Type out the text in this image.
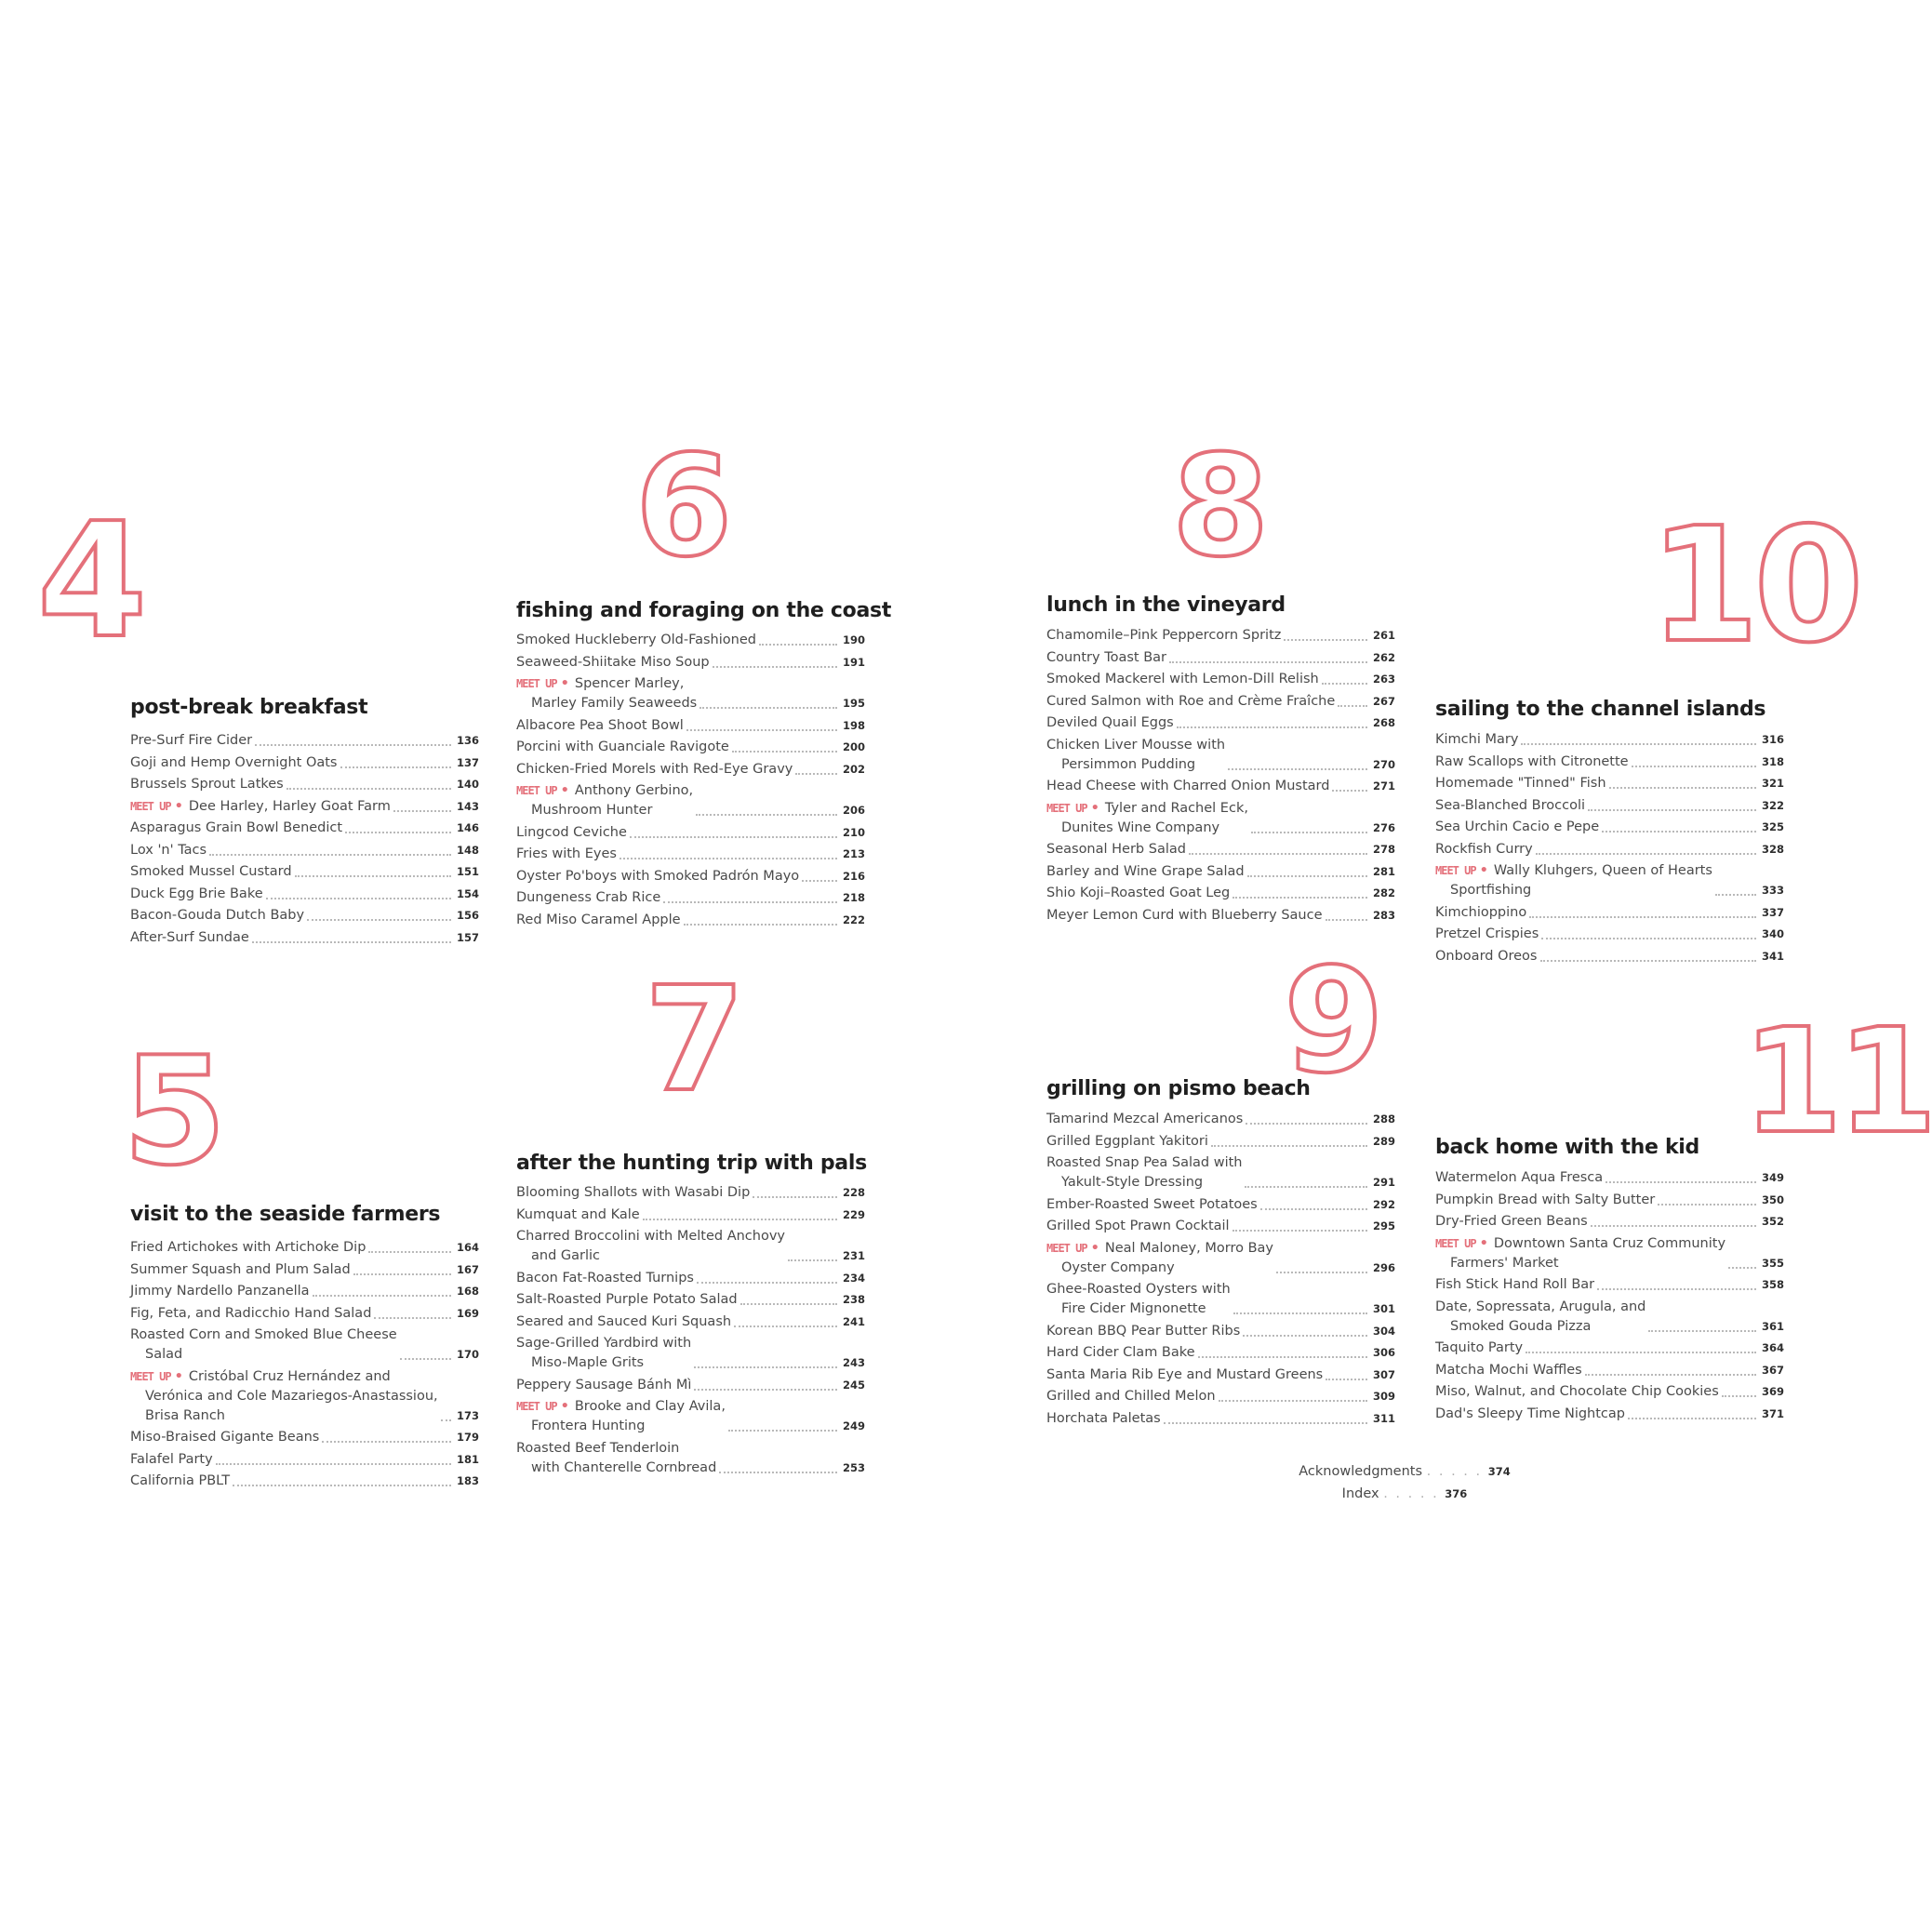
4
post-break breakfast
Pre-Surf Fire Cider	136
Goji and Hemp Overnight Oats	137
Brussels Sprout Latkes	140
MEET UP • Dee Harley, Harley Goat Farm	143
Asparagus Grain Bowl Benedict	146
Lox 'n' Tacs	148
Smoked Mussel Custard	151
Duck Egg Brie Bake	154
Bacon-Gouda Dutch Baby	156
After-Surf Sundae	157
5
visit to the seaside farmers
Fried Artichokes with Artichoke Dip	164
Summer Squash and Plum Salad	167
Jimmy Nardello Panzanella	168
Fig, Feta, and Radicchio Hand Salad	169
Roasted Corn and Smoked Blue Cheese
Salad	170
MEET UP • Cristóbal Cruz Hernández and
Verónica and Cole Mazariegos-Anastassiou,
Brisa Ranch	173
Miso-Braised Gigante Beans	179
Falafel Party	181
California PBLT	183
6
fishing and foraging on the coast
Smoked Huckleberry Old-Fashioned	190
Seaweed-Shiitake Miso Soup	191
MEET UP • Spencer Marley,
Marley Family Seaweeds	195
Albacore Pea Shoot Bowl	198
Porcini with Guanciale Ravigote	200
Chicken-Fried Morels with Red-Eye Gravy	202
MEET UP • Anthony Gerbino,
Mushroom Hunter	206
Lingcod Ceviche	210
Fries with Eyes	213
Oyster Po'boys with Smoked Padrón Mayo	216
Dungeness Crab Rice	218
Red Miso Caramel Apple	222
7
after the hunting trip with pals
Blooming Shallots with Wasabi Dip	228
Kumquat and Kale	229
Charred Broccolini with Melted Anchovy
and Garlic	231
Bacon Fat-Roasted Turnips	234
Salt-Roasted Purple Potato Salad	238
Seared and Sauced Kuri Squash	241
Sage-Grilled Yardbird with
Miso-Maple Grits	243
Peppery Sausage Bánh Mì	245
MEET UP • Brooke and Clay Avila,
Frontera Hunting	249
Roasted Beef Tenderloin
with Chanterelle Cornbread	253
8
lunch in the vineyard
Chamomile–Pink Peppercorn Spritz	261
Country Toast Bar	262
Smoked Mackerel with Lemon-Dill Relish	263
Cured Salmon with Roe and Crème Fraîche	267
Deviled Quail Eggs	268
Chicken Liver Mousse with
Persimmon Pudding	270
Head Cheese with Charred Onion Mustard	271
MEET UP • Tyler and Rachel Eck,
Dunites Wine Company	276
Seasonal Herb Salad	278
Barley and Wine Grape Salad	281
Shio Koji–Roasted Goat Leg	282
Meyer Lemon Curd with Blueberry Sauce	283
9
grilling on pismo beach
Tamarind Mezcal Americanos	288
Grilled Eggplant Yakitori	289
Roasted Snap Pea Salad with
Yakult-Style Dressing	291
Ember-Roasted Sweet Potatoes	292
Grilled Spot Prawn Cocktail	295
MEET UP • Neal Maloney, Morro Bay
Oyster Company	296
Ghee-Roasted Oysters with
Fire Cider Mignonette	301
Korean BBQ Pear Butter Ribs	304
Hard Cider Clam Bake	306
Santa Maria Rib Eye and Mustard Greens	307
Grilled and Chilled Melon	309
Horchata Paletas	311
10
sailing to the channel islands
Kimchi Mary	316
Raw Scallops with Citronette	318
Homemade "Tinned" Fish	321
Sea-Blanched Broccoli	322
Sea Urchin Cacio e Pepe	325
Rockfish Curry	328
MEET UP • Wally Kluhgers, Queen of Hearts
Sportfishing	333
Kimchioppino	337
Pretzel Crispies	340
Onboard Oreos	341
11
back home with the kid
Watermelon Aqua Fresca	349
Pumpkin Bread with Salty Butter	350
Dry-Fried Green Beans	352
MEET UP • Downtown Santa Cruz Community
Farmers' Market	355
Fish Stick Hand Roll Bar	358
Date, Sopressata, Arugula, and
Smoked Gouda Pizza	361
Taquito Party	364
Matcha Mochi Waffles	367
Miso, Walnut, and Chocolate Chip Cookies	369
Dad's Sleepy Time Nightcap	371
Acknowledgments . . . . . 374
Index . . . . . 376
